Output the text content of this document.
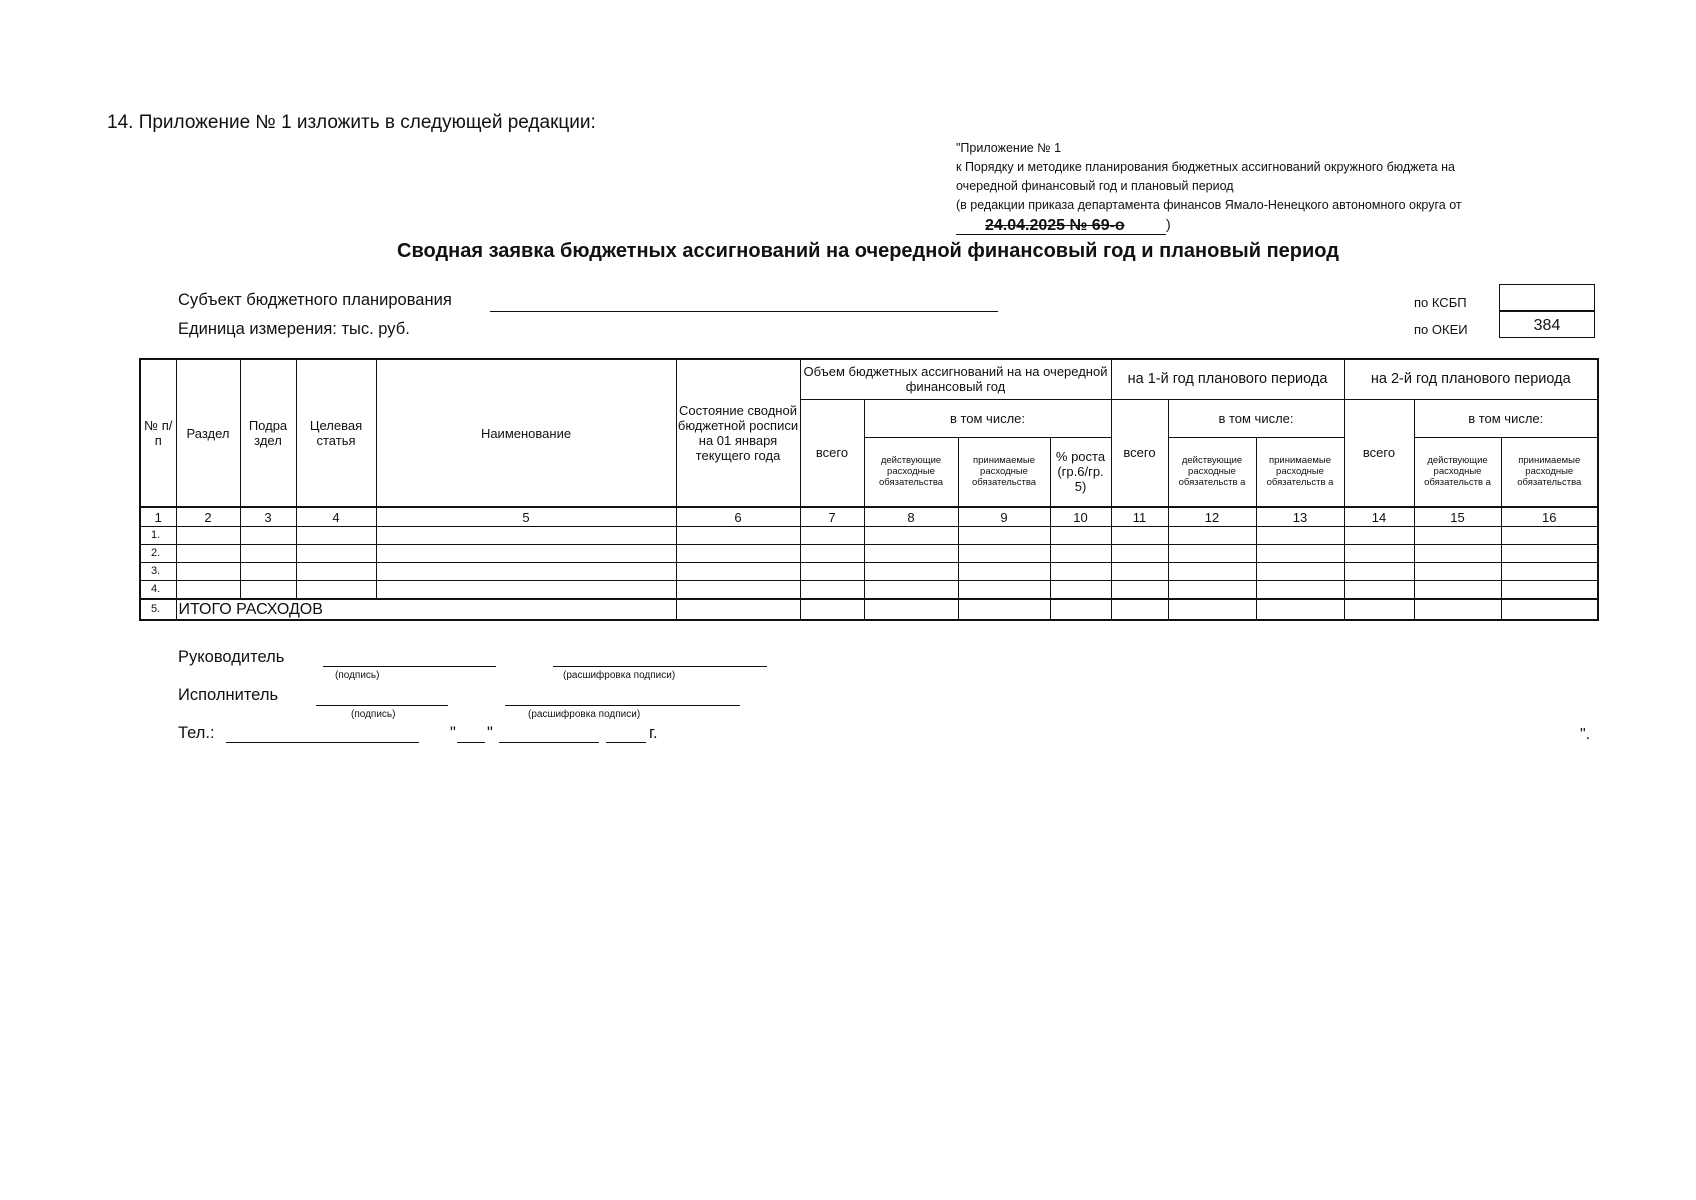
14. Приложение № 1 изложить в следующей редакции:
"Приложение № 1
к Порядку и методике планирования бюджетных ассигнований окружного бюджета на
очередной финансовый год и плановый период
(в редакции приказа департамента финансов Ямало-Ненецкого автономного округа от
24.04.2025 № 69-о	)
Сводная заявка бюджетных ассигнований на очередной финансовый год и плановый период
Субъект бюджетного планирования
Единица измерения: тыс. руб.
по КСБП
по ОКЕИ	384
№ п/п	Раздел	Подра здел	Целевая статья	Наименование	Состояние сводной бюджетной росписи на 01 января текущего года	Объем бюджетных ассигнований на на очередной финансовый год				на 1-й год планового периода			на 2-й год планового периода		
						всего	в том числе:			всего	в том числе:		всего	в том числе:	
							действующие расходные обязательства	принимаемые расходные обязательства	% роста (гр.6/гр. 5)		действующие расходные обязательств а	принимаемые расходные обязательств а		действующие расходные обязательств а	принимаемые расходные обязательства
1	2	3	4	5	6	7	8	9	10	11	12	13	14	15	16
1.															
2.															
3.															
4.															
5.	ИТОГО РАСХОДОВ														
Руководитель
(подпись)	(расшифровка подписи)
Исполнитель
(подпись)	(расшифровка подписи)
Тел.:	" "	г.	".
